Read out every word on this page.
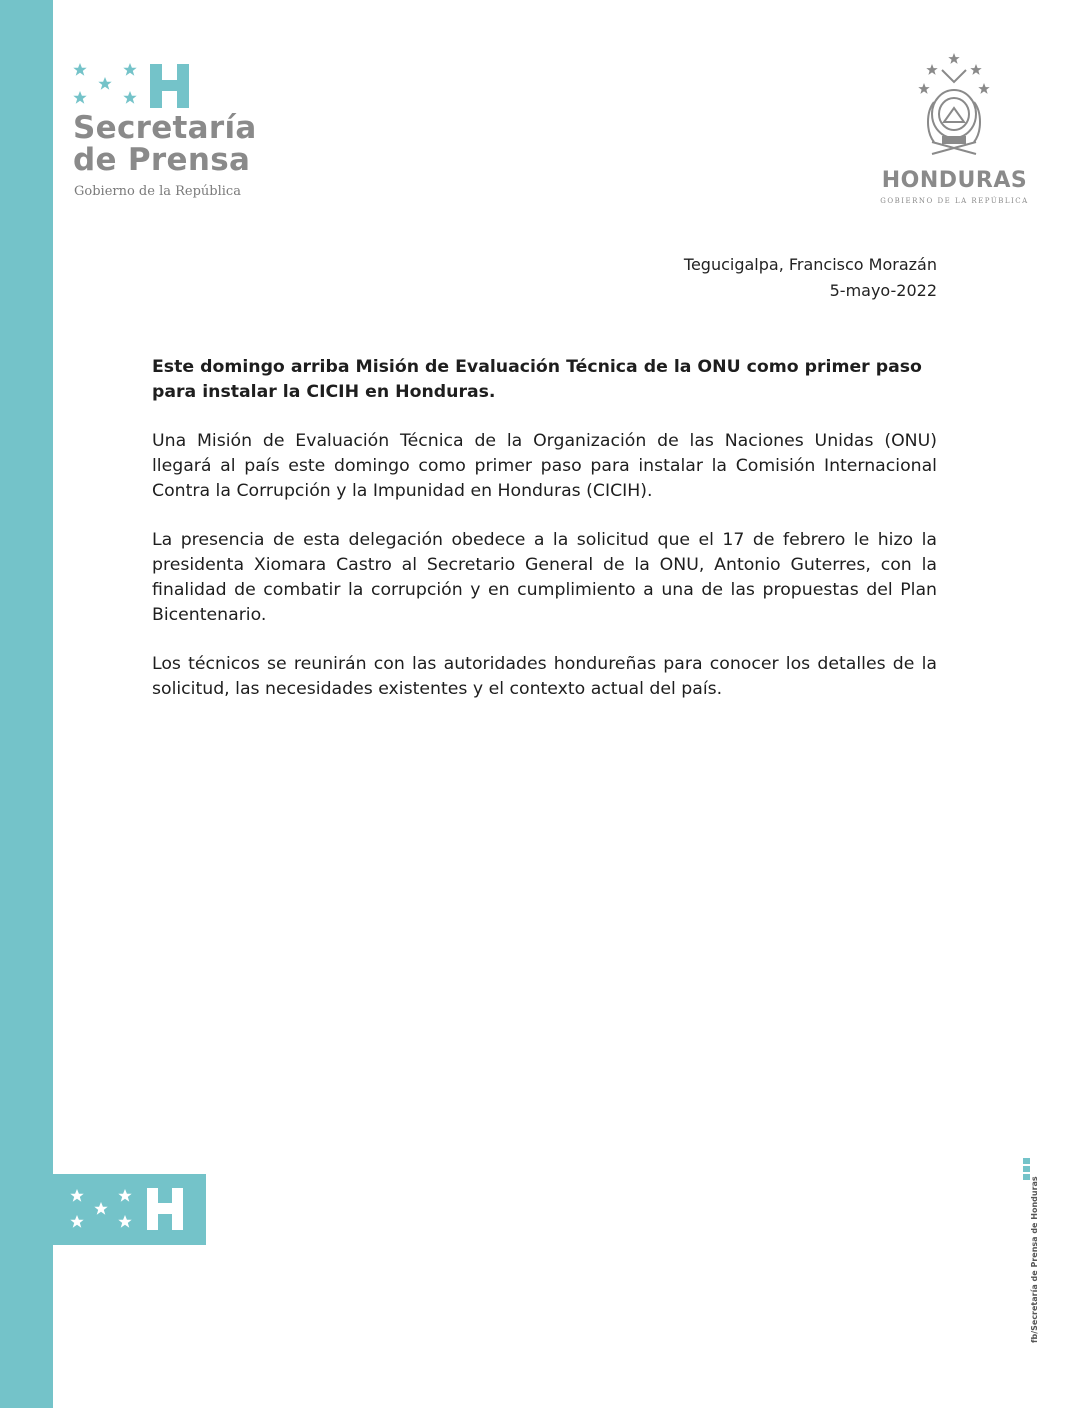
Secretaría
de Prensa
Gobierno de la República	HONDURAS
GOBIERNO DE LA REPÚBLICA
Tegucigalpa, Francisco Morazán
5-mayo-2022

Este domingo arriba Misión de Evaluación Técnica de la ONU como primer paso para instalar la CICIH en Honduras.

Una Misión de Evaluación Técnica de la Organización de las Naciones Unidas (ONU) llegará al país este domingo como primer paso para instalar la Comisión Internacional Contra la Corrupción y la Impunidad en Honduras (CICIH).

La presencia de esta delegación obedece a la solicitud que el 17 de febrero le hizo la presidenta Xiomara Castro al Secretario General de la ONU, Antonio Guterres, con la finalidad de combatir la corrupción y en cumplimiento a una de las propuestas del Plan Bicentenario.

Los técnicos se reunirán con las autoridades hondureñas para conocer los detalles de la solicitud, las necesidades existentes y el contexto actual del país.

fb/Secretaría de Prensa de Honduras
